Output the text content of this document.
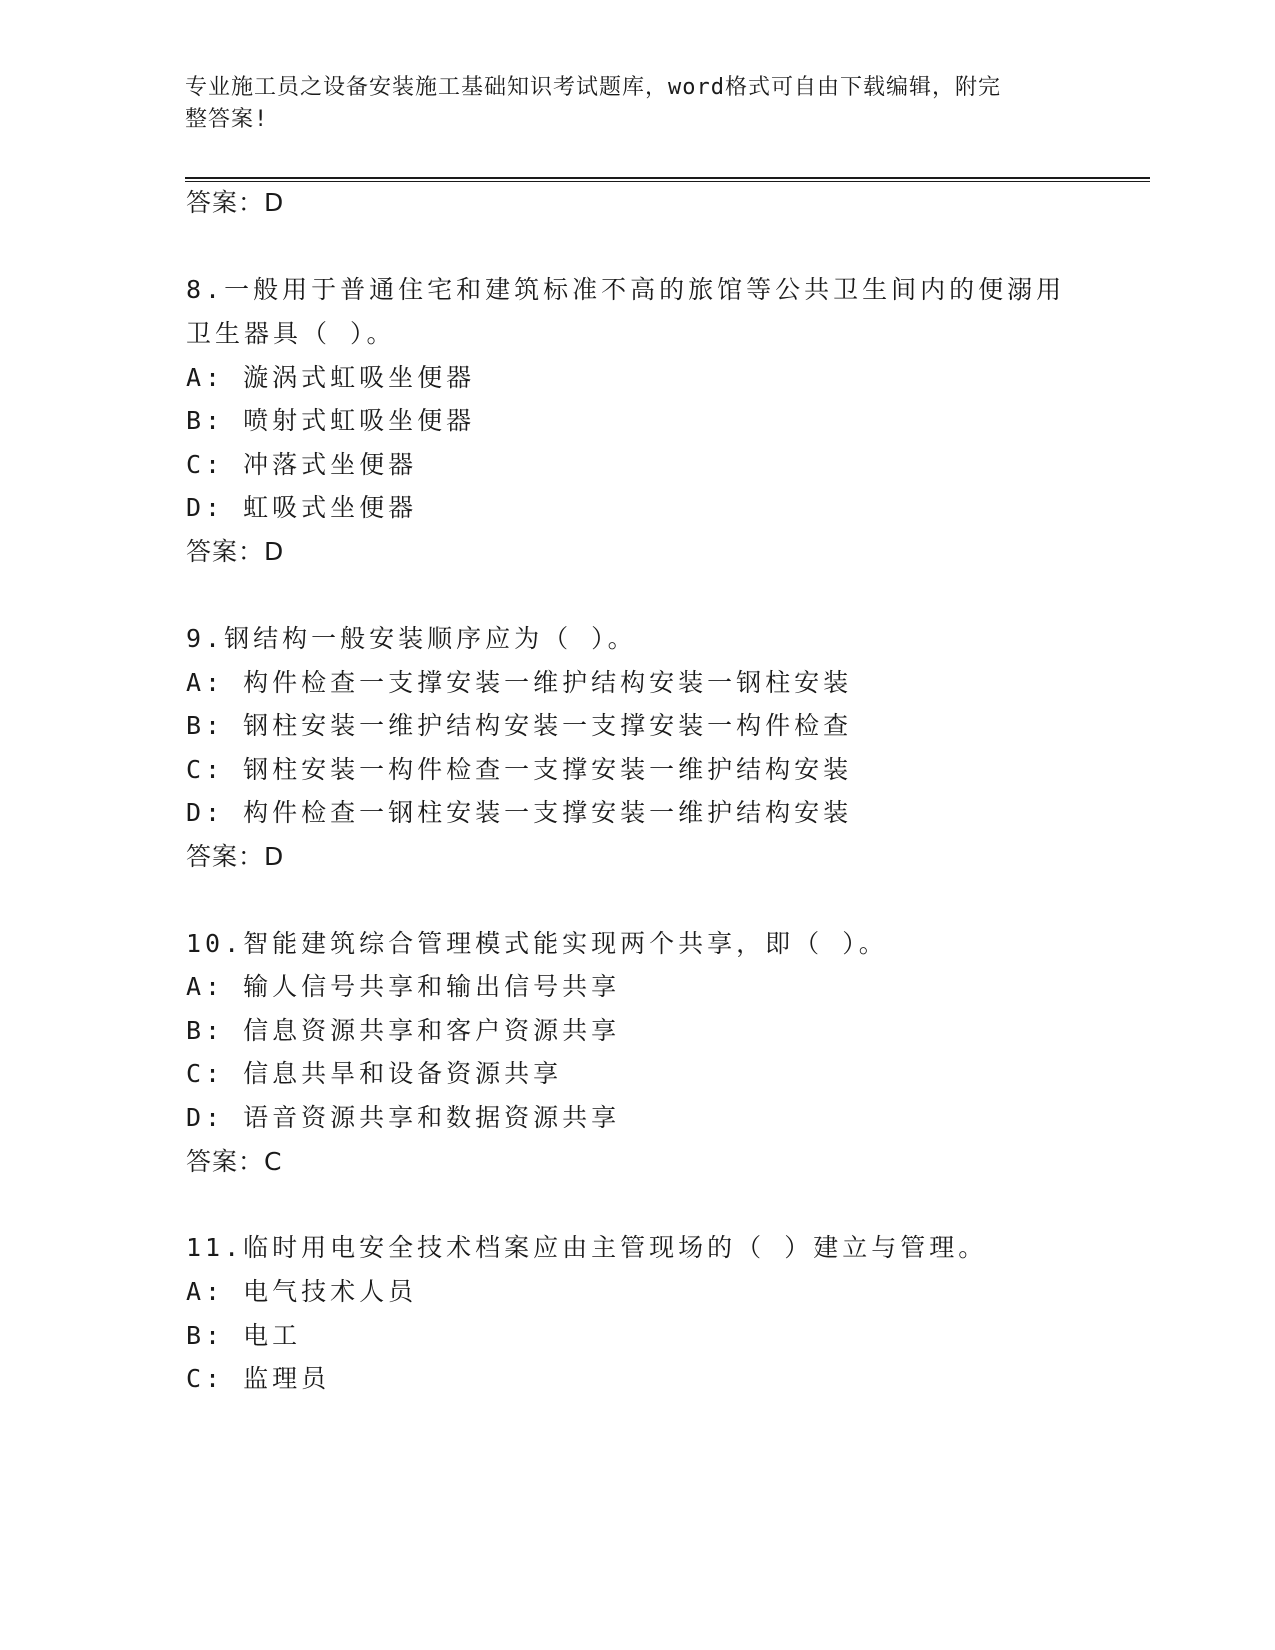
专业施工员之设备安装施工基础知识考试题库，word格式可自由下载编辑，附完
整答案!
答案：D
8.一般用于普通住宅和建筑标准不高的旅馆等公共卫生间内的便溺用
卫生器具（ ）。
A: 漩涡式虹吸坐便器
B: 喷射式虹吸坐便器
C: 冲落式坐便器
D: 虹吸式坐便器
答案：D
9.钢结构一般安装顺序应为（ ）。
A: 构件检查一支撑安装一维护结构安装一钢柱安装
B: 钢柱安装一维护结构安装一支撑安装一构件检查
C: 钢柱安装一构件检查一支撑安装一维护结构安装
D: 构件检查一钢柱安装一支撑安装一维护结构安装
答案：D
10.智能建筑综合管理模式能实现两个共享，即（ ）。
A: 输人信号共享和输出信号共享
B: 信息资源共享和客户资源共享
C: 信息共旱和设备资源共享
D: 语音资源共享和数据资源共享
答案：C
11.临时用电安全技术档案应由主管现场的（ ）建立与管理。
A: 电气技术人员
B: 电工
C: 监理员
